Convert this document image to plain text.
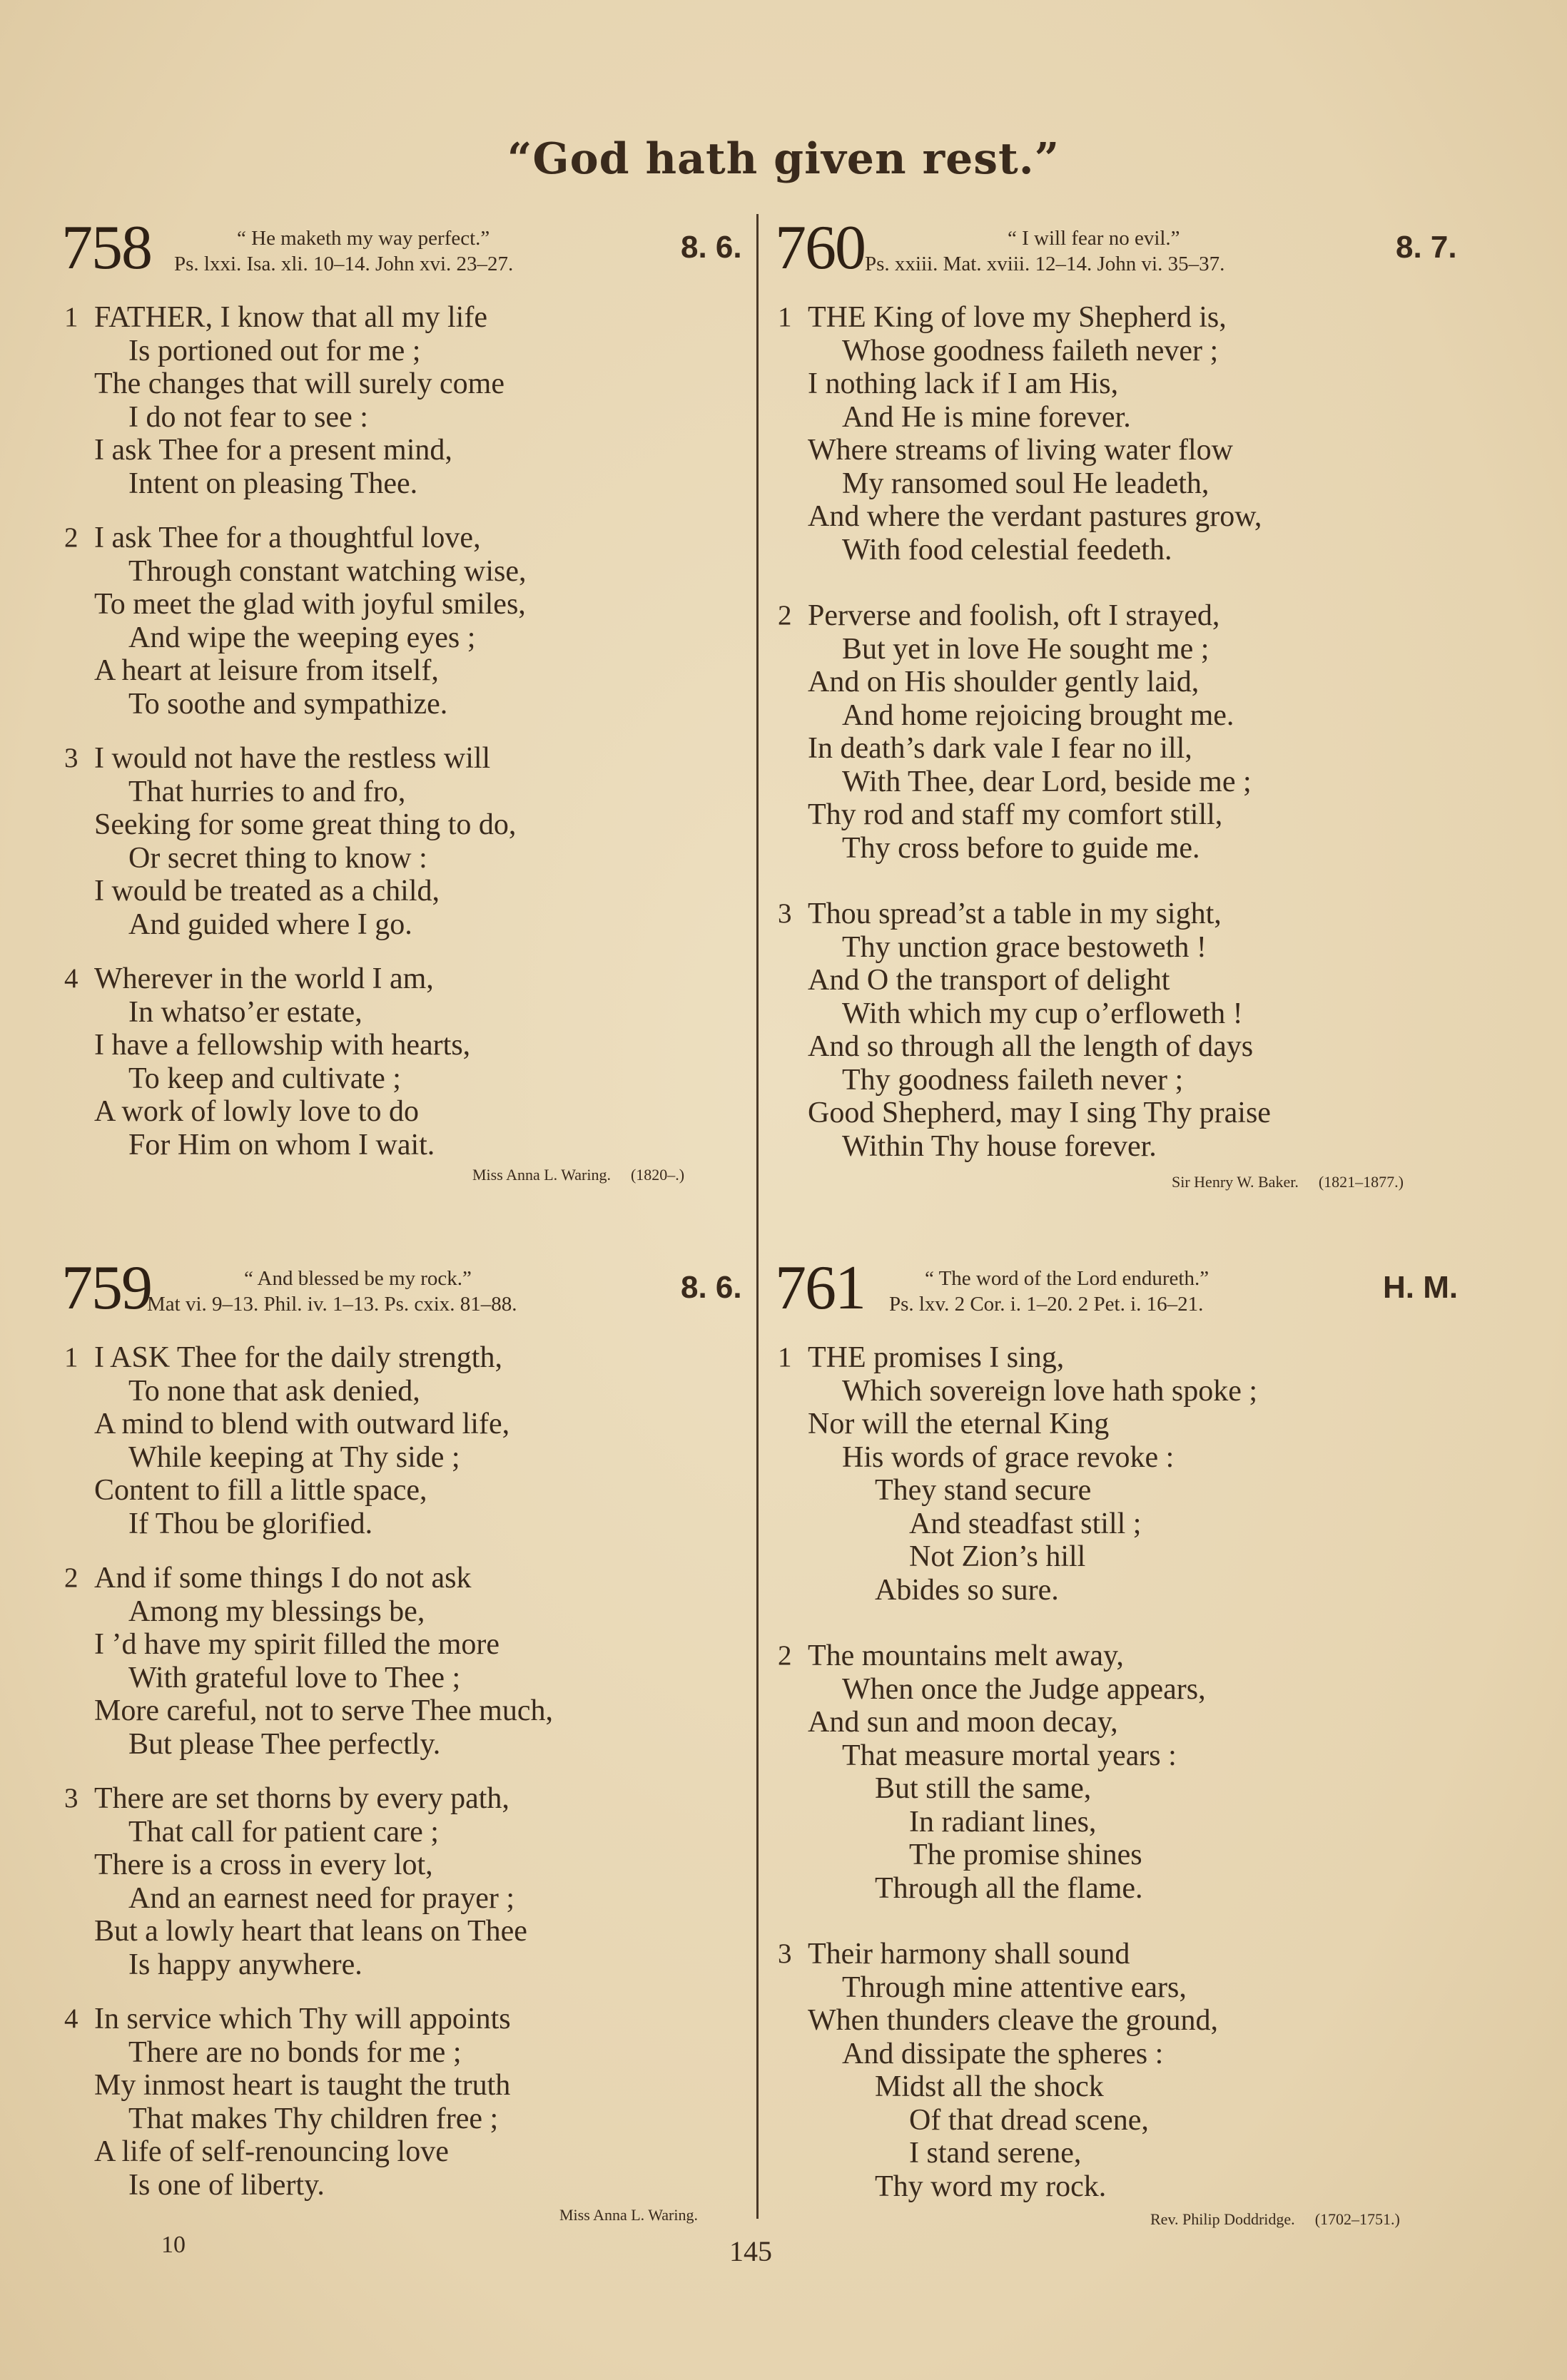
“God hath given rest.”
758	“ He maketh my way perfect.”
Ps. lxxi. Isa. xli. 10–14. John xvi. 23–27.	8. 6.
1 FATHER, I know that all my life
Is portioned out for me ;
The changes that will surely come
I do not fear to see :
I ask Thee for a present mind,
Intent on pleasing Thee.
2 I ask Thee for a thoughtful love,
Through constant watching wise,
To meet the glad with joyful smiles,
And wipe the weeping eyes ;
A heart at leisure from itself,
To soothe and sympathize.
3 I would not have the restless will
That hurries to and fro,
Seeking for some great thing to do,
Or secret thing to know :
I would be treated as a child,
And guided where I go.
4 Wherever in the world I am,
In whatso’er estate,
I have a fellowship with hearts,
To keep and cultivate ;
A work of lowly love to do
For Him on whom I wait.
Miss Anna L. Waring. (1820–.)
760	“ I will fear no evil.”
Ps. xxiii. Mat. xviii. 12–14. John vi. 35–37.	8. 7.
1 THE King of love my Shepherd is,
Whose goodness faileth never ;
I nothing lack if I am His,
And He is mine forever.
Where streams of living water flow
My ransomed soul He leadeth,
And where the verdant pastures grow,
With food celestial feedeth.
2 Perverse and foolish, oft I strayed,
But yet in love He sought me ;
And on His shoulder gently laid,
And home rejoicing brought me.
In death’s dark vale I fear no ill,
With Thee, dear Lord, beside me ;
Thy rod and staff my comfort still,
Thy cross before to guide me.
3 Thou spread’st a table in my sight,
Thy unction grace bestoweth !
And O the transport of delight
With which my cup o’erfloweth !
And so through all the length of days
Thy goodness faileth never ;
Good Shepherd, may I sing Thy praise
Within Thy house forever.
Sir Henry W. Baker. (1821–1877.)
759	“ And blessed be my rock.”
Mat vi. 9–13. Phil. iv. 1–13. Ps. cxix. 81–88.	8. 6.
1 I ASK Thee for the daily strength,
To none that ask denied,
A mind to blend with outward life,
While keeping at Thy side ;
Content to fill a little space,
If Thou be glorified.
2 And if some things I do not ask
Among my blessings be,
I ’d have my spirit filled the more
With grateful love to Thee ;
More careful, not to serve Thee much,
But please Thee perfectly.
3 There are set thorns by every path,
That call for patient care ;
There is a cross in every lot,
And an earnest need for prayer ;
But a lowly heart that leans on Thee
Is happy anywhere.
4 In service which Thy will appoints
There are no bonds for me ;
My inmost heart is taught the truth
That makes Thy children free ;
A life of self-renouncing love
Is one of liberty.
Miss Anna L. Waring.
761	“ The word of the Lord endureth.”
Ps. lxv. 2 Cor. i. 1–20. 2 Pet. i. 16–21.	H. M.
1 THE promises I sing,
Which sovereign love hath spoke ;
Nor will the eternal King
His words of grace revoke :
They stand secure
And steadfast still ;
Not Zion’s hill
Abides so sure.
2 The mountains melt away,
When once the Judge appears,
And sun and moon decay,
That measure mortal years :
But still the same,
In radiant lines,
The promise shines
Through all the flame.
3 Their harmony shall sound
Through mine attentive ears,
When thunders cleave the ground,
And dissipate the spheres :
Midst all the shock
Of that dread scene,
I stand serene,
Thy word my rock.
Rev. Philip Doddridge. (1702–1751.)
10	145
